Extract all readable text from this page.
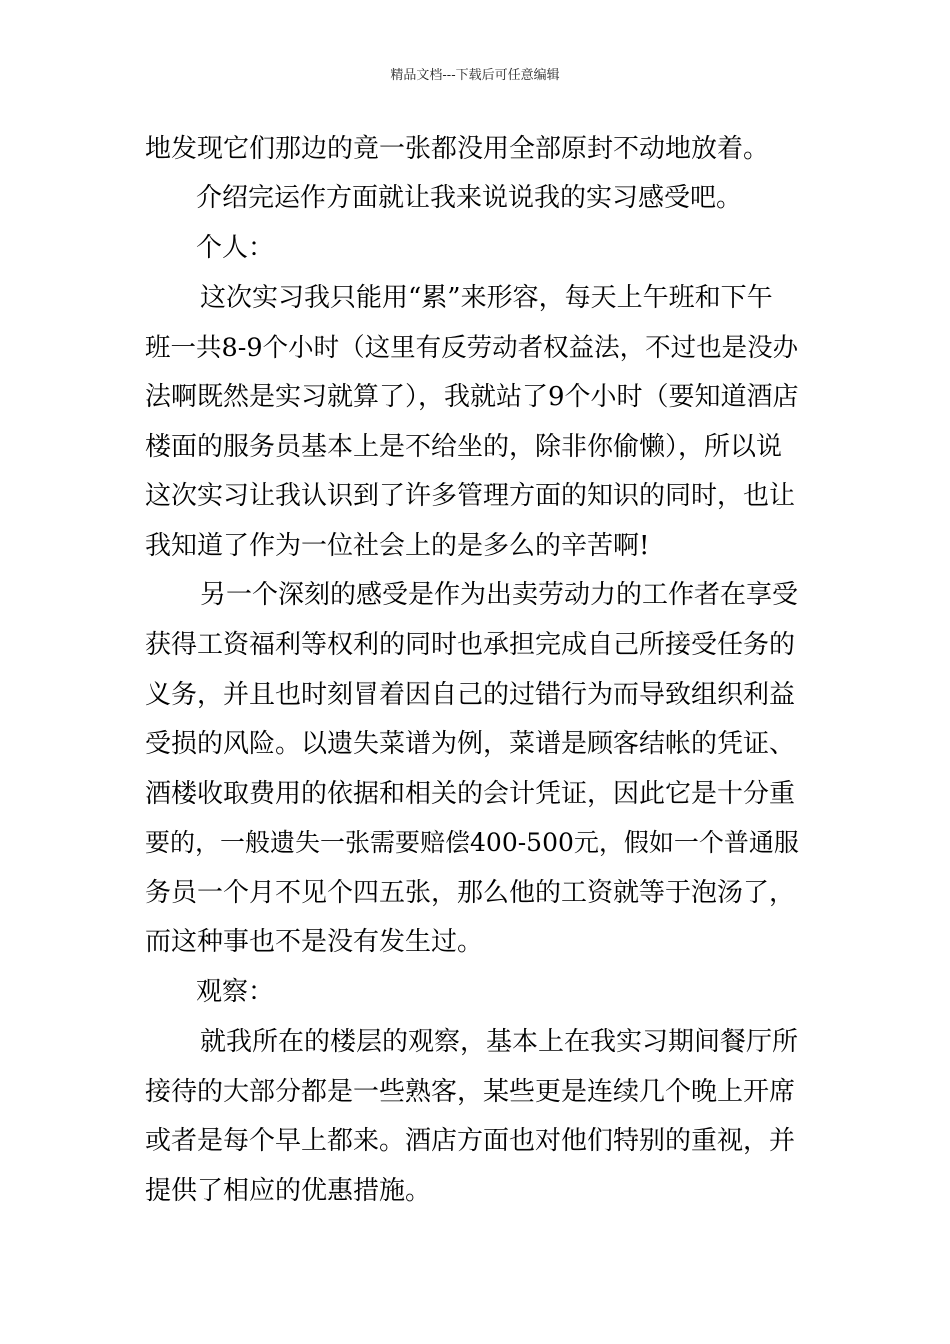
精品文档---下载后可任意编辑
地发现它们那边的竟一张都没用全部原封不动地放着。
介绍完运作方面就让我来说说我的实习感受吧。
个人：
这次实习我只能用“累”来形容，每天上午班和下午
班一共8-9个小时（这里有反劳动者权益法，不过也是没办
法啊既然是实习就算了），我就站了9个小时（要知道酒店
楼面的服务员基本上是不给坐的，除非你偷懒），所以说
这次实习让我认识到了许多管理方面的知识的同时，也让
我知道了作为一位社会上的是多么的辛苦啊!
另一个深刻的感受是作为出卖劳动力的工作者在享受
获得工资福利等权利的同时也承担完成自己所接受任务的
义务，并且也时刻冒着因自己的过错行为而导致组织利益
受损的风险。以遗失菜谱为例，菜谱是顾客结帐的凭证、
酒楼收取费用的依据和相关的会计凭证，因此它是十分重
要的，一般遗失一张需要赔偿400-500元，假如一个普通服
务员一个月不见个四五张，那么他的工资就等于泡汤了，
而这种事也不是没有发生过。
观察：
就我所在的楼层的观察，基本上在我实习期间餐厅所
接待的大部分都是一些熟客，某些更是连续几个晚上开席
或者是每个早上都来。酒店方面也对他们特别的重视，并
提供了相应的优惠措施。
